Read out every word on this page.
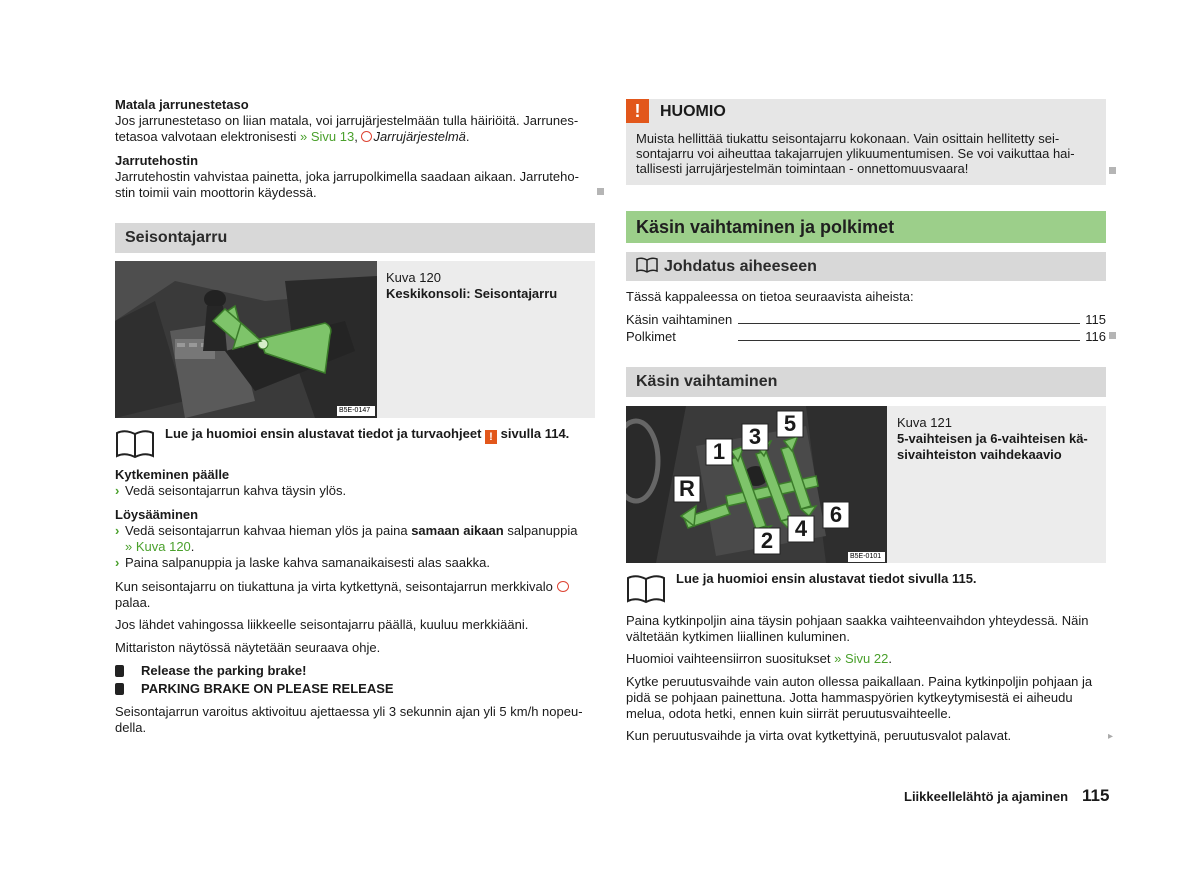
Matala jarrunestetaso

Jos jarrunestetaso on liian matala, voi jarrujärjestelmään tulla häiriöitä. Jarrunes-

tetasoa valvotaan elektronisesti » Sivu 13, Jarrujärjestelmä.

Jarrutehostin

Jarrutehostin vahvistaa painetta, joka jarrupolkimella saadaan aikaan. Jarruteho-

stin toimii vain moottorin käydessä.

Seisontajarru
B5E-0147
Kuva 120
Keskikonsoli: Seisontajarru

Lue ja huomioi ensin alustavat tiedot ja turvaohjeet ! sivulla 114.

Kytkeminen päälle

› Vedä seisontajarrun kahva täysin ylös.

Löysääminen

› Vedä seisontajarrun kahvaa hieman ylös ja paina samaan aikaan salpanuppia
» Kuva 120.
› Paina salpanuppia ja laske kahva samanaikaisesti alas saakka.

Kun seisontajarru on tiukattuna ja virta kytkettynä, seisontajarrun merkkivalo

palaa.

Jos lähdet vahingossa liikkeelle seisontajarru päällä, kuuluu merkkiääni.

Mittariston näytössä näytetään seuraava ohje.

Release the parking brake!
PARKING BRAKE ON PLEASE RELEASE

Seisontajarrun varoitus aktivoituu ajettaessa yli 3 sekunnin ajan yli 5 km/h nopeu-

della.

!	HUOMIO

Muista hellittää tiukattu seisontajarru kokonaan. Vain osittain hellitetty sei-

sontajarru voi aiheuttaa takajarrujen ylikuumentumisen. Se voi vaikuttaa hai-

tallisesti jarrujärjestelmän toimintaan - onnettomuusvaara!

Käsin vaihtaminen ja polkimet
Johdatus aiheeseen

Tässä kappaleessa on tietoa seuraavista aiheista:

Käsin vaihtaminen	115
Polkimet	116
Käsin vaihtaminen
1
3
5
R
2 4
6
B5E-0101
Kuva 121
5-vaihteisen ja 6-vaihteisen kä-
sivaihteiston vaihdekaavio

Lue ja huomioi ensin alustavat tiedot sivulla 115.

Paina kytkinpoljin aina täysin pohjaan saakka vaihteenvaihdon yhteydessä. Näin

vältetään kytkimen liiallinen kuluminen.

Huomioi vaihteensiirron suositukset » Sivu 22.

Kytke peruutusvaihde vain auton ollessa paikallaan. Paina kytkinpoljin pohjaan ja

pidä se pohjaan painettuna. Jotta hammaspyörien kytkeytymisestä ei aiheudu

melua, odota hetki, ennen kuin siirrät peruutusvaihteelle.

Kun peruutusvaihde ja virta ovat kytkettyinä, peruutusvalot palavat.	▸
Liikkeellelähtö ja ajaminen 115
